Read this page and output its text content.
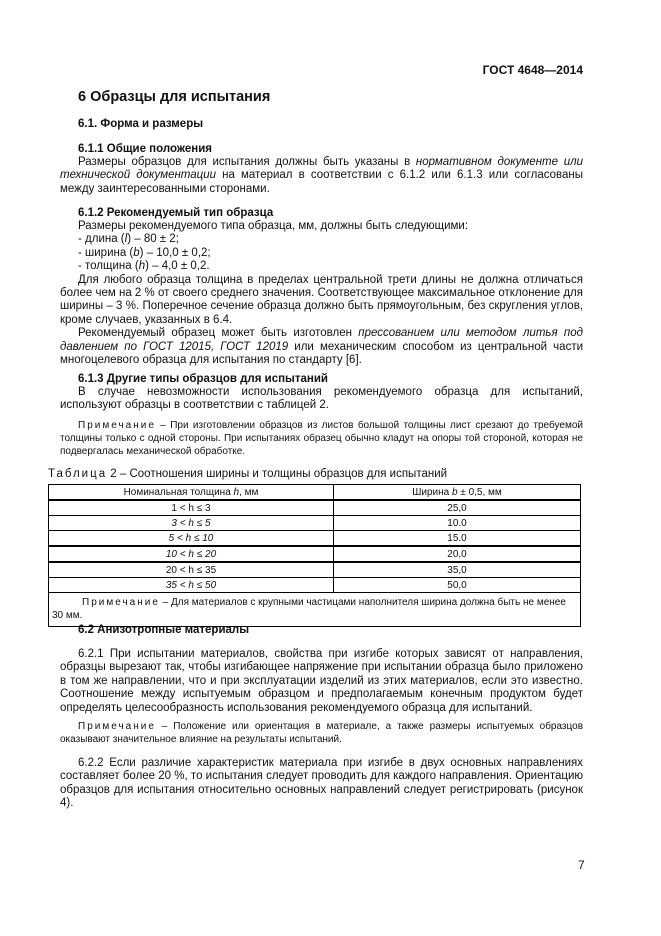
ГОСТ 4648—2014
6 Образцы для испытания
6.1. Форма и размеры
6.1.1 Общие положения

Размеры образцов для испытания должны быть указаны в нормативном документе или технической документации на материал в соответствии с 6.1.2 или 6.1.3 или согласованы между заинтересованными сторонами.

6.1.2 Рекомендуемый тип образца

Размеры рекомендуемого типа образца, мм, должны быть следующими:

- длина (l) – 80 ± 2;

- ширина (b) – 10,0 ± 0,2;

- толщина (h) – 4,0 ± 0,2.

Для любого образца толщина в пределах центральной трети длины не должна отличаться более чем на 2 % от своего среднего значения. Соответствующее максимальное отклонение для ширины – 3 %. Поперечное сечение образца должно быть прямоугольным, без скругления углов, кроме случаев, указанных в 6.4.

Рекомендуемый образец может быть изготовлен прессованием или методом литья под давлением по ГОСТ 12015, ГОСТ 12019 или механическим способом из центральной части многоцелевого образца для испытания по стандарту [6].

6.1.3 Другие типы образцов для испытаний

В случае невозможности использования рекомендуемого образца для испытаний, используют образцы в соответствии с таблицей 2.

Примечание – При изготовлении образцов из листов большой толщины лист срезают до требуемой толщины только с одной стороны. При испытаниях образец обычно кладут на опоры той стороной, которая не подвергалась механической обработке.

Таблица 2 – Соотношения ширины и толщины образцов для испытаний
Номинальная толщина h, мм	Ширина b ± 0,5, мм
1 < h ≤ 3	25,0
3 < h ≤ 5	10.0
5 < h ≤ 10	15.0
10 < h ≤ 20	20,0
20 < h ≤ 35	35,0
35 < h ≤ 50	50,0
Примечание – Для материалов с крупными частицами наполнителя ширина должна быть не менее 30 мм.	
6.2 Анизотропные материалы

6.2.1 При испытании материалов, свойства при изгибе которых зависят от направления, образцы вырезают так, чтобы изгибающее напряжение при испытании образца было приложено в том же направлении, что и при эксплуатации изделий из этих материалов, если это известно. Соотношение между испытуемым образцом и предполагаемым конечным продуктом будет определять целесообразность использования рекомендуемого образца для испытаний.

Примечание – Положение или ориентация в материале, а также размеры испытуемых образцов оказывают значительное влияние на результаты испытаний.

6.2.2 Если различие характеристик материала при изгибе в двух основных направлениях составляет более 20 %, то испытания следует проводить для каждого направления. Ориентацию образцов для испытания относительно основных направлений следует регистрировать (рисунок 4).

7
